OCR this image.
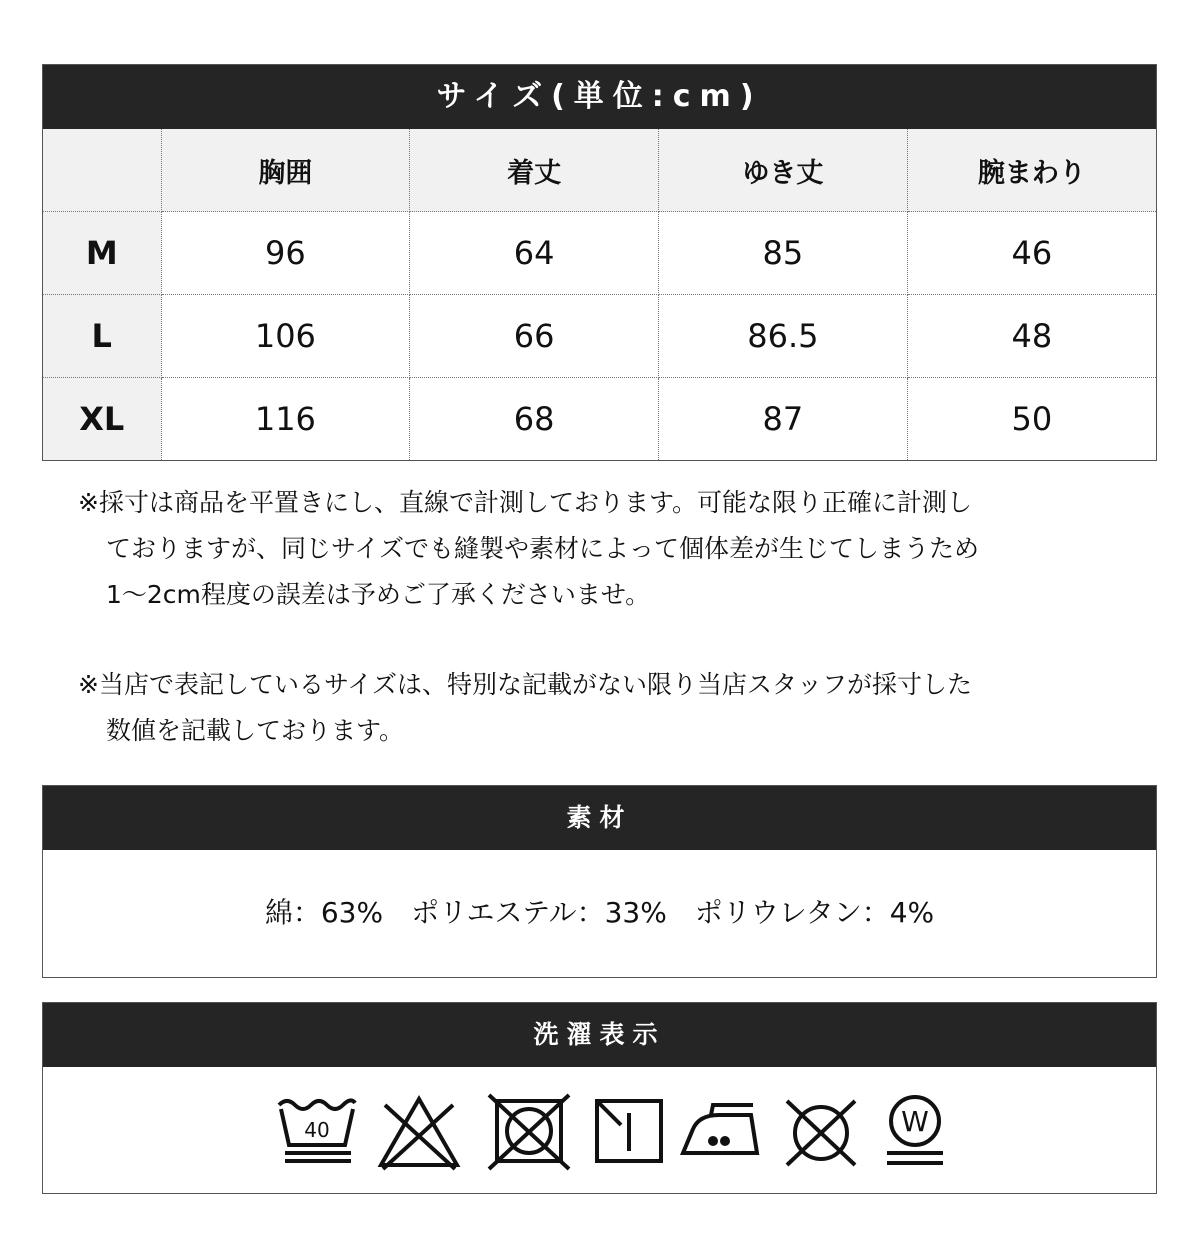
サイズ(単位:cm)
	胸囲	着丈	ゆき丈	腕まわり
M	96	64	85	46
L	106	66	86.5	48
XL	116	68	87	50

※採寸は商品を平置きにし、直線で計測しております。可能な限り正確に計測し

ておりますが、同じサイズでも縫製や素材によって個体差が生じてしまうため

1～2cm程度の誤差は予めご了承くださいませ。

※当店で表記しているサイズは、特別な記載がない限り当店スタッフが採寸した

数値を記載しております。

素材
綿：63%　ポリエステル：33%　ポリウレタン：4%
洗濯表示
40	W
